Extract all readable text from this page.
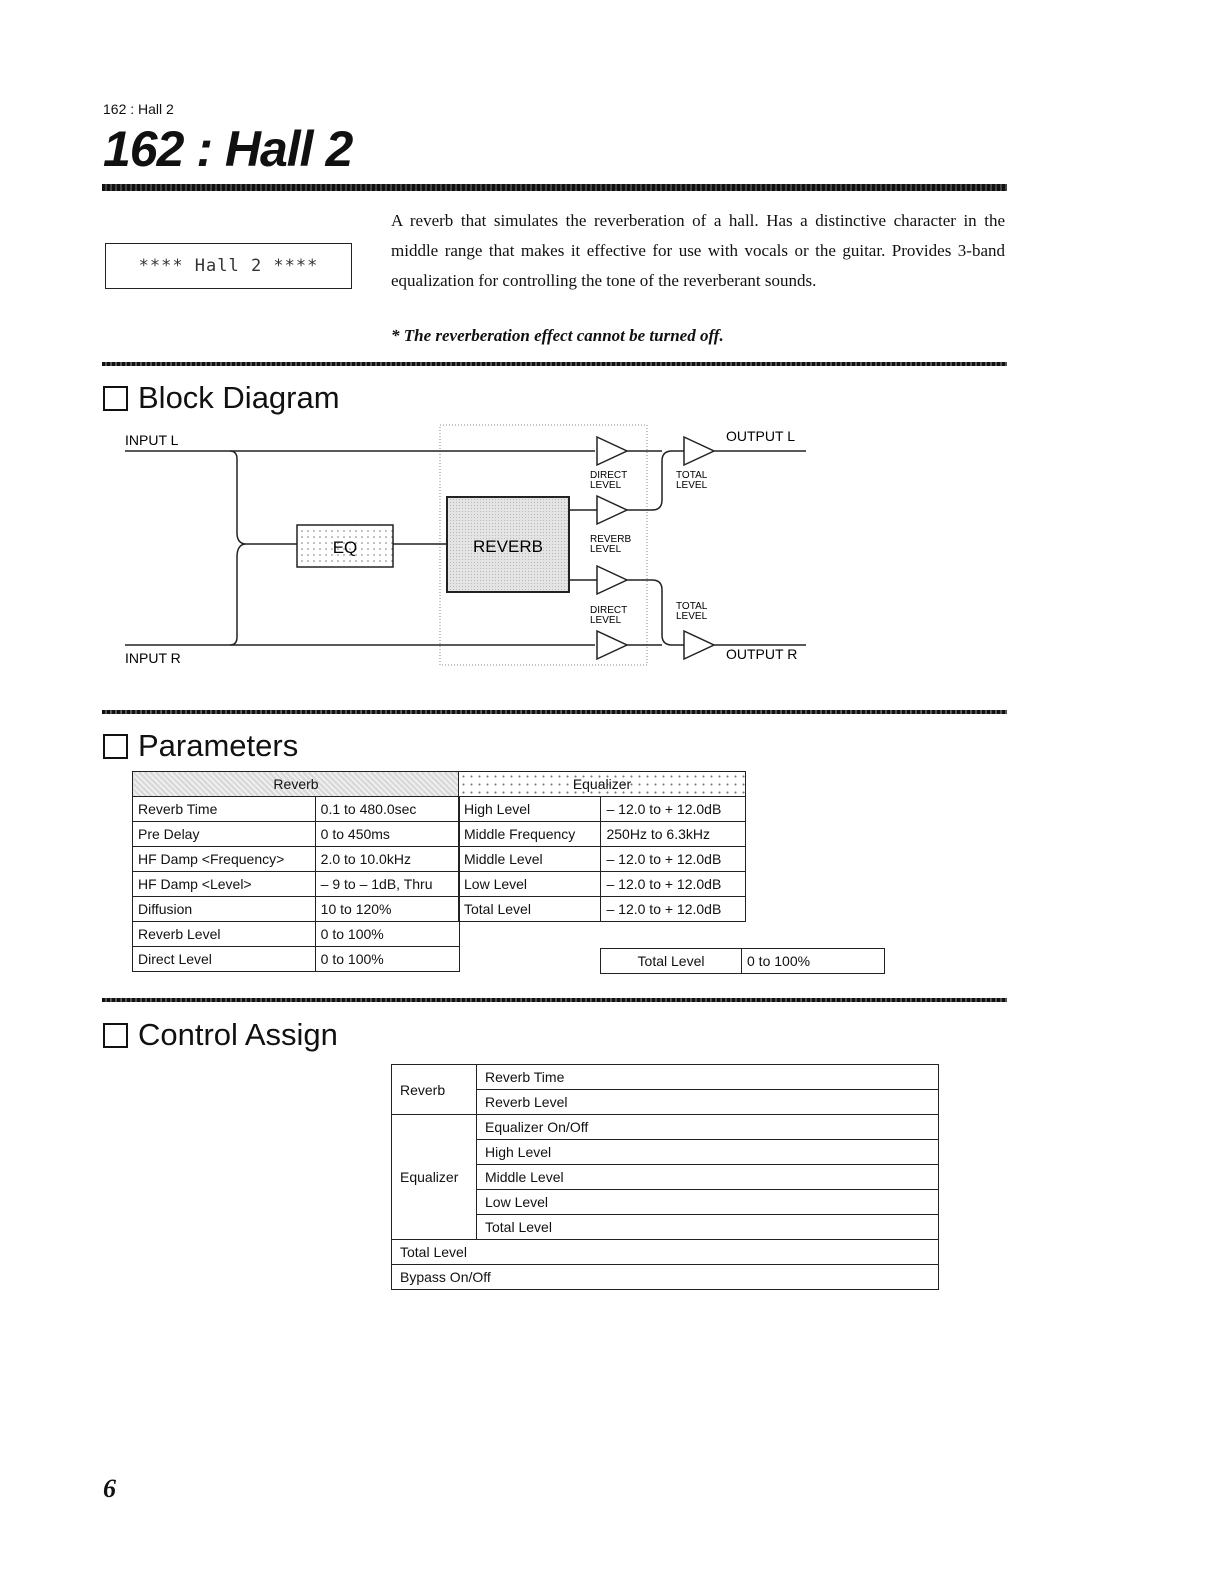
162 : Hall 2
162 : Hall 2
**** Hall 2 ****
A reverb that simulates the reverberation of a hall. Has a distinctive character in the middle range that makes it effective for use with vocals or the guitar. Provides 3-band equalization for controlling the tone of the reverberant sounds.
* The reverberation effect cannot be turned off.
Block Diagram
EQ	REVERB
INPUT L
INPUT R
OUTPUT L
OUTPUT R
DIRECT
LEVEL
TOTAL
LEVEL
REVERB
LEVEL
DIRECT
LEVEL
TOTAL
LEVEL
Parameters
Reverb	
Reverb Time	0.1 to 480.0sec
Pre Delay	0 to 450ms
HF Damp <Frequency>	2.0 to 10.0kHz
HF Damp <Level>	– 9 to – 1dB, Thru
Diffusion	10 to 120%
Reverb Level	0 to 100%
Direct Level	0 to 100%
Equalizer	
High Level	– 12.0 to + 12.0dB
Middle Frequency	250Hz to 6.3kHz
Middle Level	– 12.0 to + 12.0dB
Low Level	– 12.0 to + 12.0dB
Total Level	– 12.0 to + 12.0dB
Total Level	0 to 100%
Control Assign
Reverb	Reverb Time
	Reverb Level
Equalizer	Equalizer On/Off
	High Level
	Middle Level
	Low Level
	Total Level
Total Level	
Bypass On/Off	
6
